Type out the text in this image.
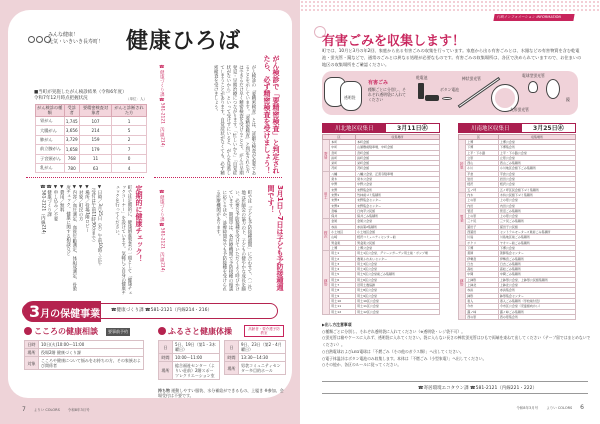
みんな健康！
元気・いきいき長寿町！ 健康ひろば
■当町が実施したがん検診結果（令和6年度）
令和7年12月時点把握状況	（単位：人）
がん検診の種類	受診者	要精密検査対象者	がんと診断された方
胃がん	1,745	107	1
大腸がん	3,656	214	5
肺がん	3,729	159	2
前立腺がん	1,658	179	7
子宮頸がん	768	11	0
乳がん	780	63	4	がん検診で「要精密検査」と判定されたら、必ず精密検査を受けましょう！
がん検診の「要精密検査」とは、詳細な検査が必要であることを示しています。「要精密検査」と判定された方はできるだけ早く精密検査を受けることで、がんの早期発見・早期治療につながります。「忙しいから」「自覚症状がないから」といって受けずにいると、がんを見逃してしまうことがあります。自覚症状がなくても、必ず精密検査を受けましょう。
☎健康づくり課 ☎581-2121（内線214）
定期的に健康チェック！
町では定期的に、健康増進事業の一環として「健康チェックコーナー」を設けています。気軽にご自身の健康チェックを行ってください。
▼日時／3月25日（水）午前10時〜正午
（受付は午前11時30分まで）
▼場所／役場1階ロビー
▼対象／町民の方
▼内容／血圧測定、血管年齢測定、体組成測定、骨密度チェック、健康に関する相談など
▼費用／無料
▼申し込み／不要
☎健康づくり課
☎581-2121（内線214）	3月1日〜7日は子ども予防接種週間です！
町では「子ども予防接種週間」に合わせて、（一社）地元医師会の協力の下、子どもの健やかな成長を願い、必要な予防接種を受けていただくよう呼びかけています。期間中は、各医療機関で予防接種の相談に応じるほか、診療時間外でも予防接種を受けられる医療機関があります。
☎健康づくり課 ☎581-2121（内線214）
3月の保健事業 ☎健康づくり課 ☎581-2121（内線214・216）
こころの健康相談	要事前予約
日時	10日(火)10:00〜11:00
場所	役場2階 健康づくり課
対象	こころや健康について悩みをお持ちの方、その家族および関係者
ふるさと健康体操	高齢者・要介護予防教室
日	5日、19日（第1・3木曜日）
時間	10:00〜11:00
場所	総合福祉センター（よりい荘前）2階スポーツレクリエーション室
日	9日、23日（第2・4月曜日）
時間	13:30〜14:30
場所	男衾コミュニティセンター多目的ホール
持ち物 運動しやすい服装、水分補給ができるもの、上履き ※参加、会場受付は不要です。
7 よりい COLORS 令和8年3月号
行政インフォメーション INFORMATION
有害ごみを収集します！
町では、10月と3月の年2回、家庭から出る有害ごみの収集を行っています。家庭から出る有害ごみとは、水銀などの有害物質を含む乾電池・蛍光管・鏡などで、通常のごみとは異なる処理が必要なものです。有害ごみの収集場所は、各区で決められていますので、お住まいの地区の収集場所をご確認ください。
透明袋
有害ごみ
種類ごとに分別し、それぞれ透明袋に入れてください
乾電池
ボタン電池
棒状蛍光管
丸形蛍光管
電球型蛍光管
鏡
川北地区収集日	3月11日㊌
区		収集場所
寄居	本町	本町会館
	中町	山屋敷前駐車場、中町会館
	宮町	宮町会館
	浜町	浜町会館
	栄町	栄町会館
	茂町	茂町会館
用土	八幡	八幡公会堂、正喜寺駐車場
	常木	常木公会堂
	中野	中野公会堂
	末野	末野集会所
	末野1	竹林前ゴミ集積所
	末野3	末野集会センター
	末野4	末野集会センター
	宮嶋	日向平公民館
	保井	保井ごみ集積所
桜沢	金尾	金尾公会堂
	赤浜	赤浜第2集積所
	小土地区	小土地区会館
	山崎	桜沢コミュニティセンター前
	男衾東	男衾東公民館
	上郷	上郷公会堂
鉢形	用土1	用土1区公会堂、グリーンガーデン用土前・ポンプ場
	用土2	農業ふれあいセンター
	用土3	用土3区公会堂
	用土4	用土4区公会堂
	用土5	用土5区公会堂前ごみ集積所
	用土6	用土6区公会堂
	用土7	旧用土農協跡
	用土8	用土8区公会堂
	用土9	用土9区公会堂
	用土10	用土10区公会堂
	用土11	用土11区公会堂
	用土12	用土12区公会堂
川南地区収集日	3月25日㊌
区		収集場所
折原	上郷	上郷公会堂
	下郷	下郷集会所
	上平・下小路	上平・下小路公会堂
	立原	立原公会堂
	西山	西山ごみ集積所
	小川	小川地区会館下ごみ集積所
	平倉	平倉公会堂
	岩田	岩田公会堂
	桜沢	桜沢公会堂
	五ノ坪	五ノ坪区民会館下ゴミ集積所
男衾	内木	木持公民館下ゴミ集積所
	上の原	上の原公会堂
	内田	内田公会堂
	菅沼	菅沼ごみ集積所
	上の原	上の原公会堂
	三ケ尻	三ケ尻ごみ集積所
	富田子	富田子公民館
	西富田	セントラルモータース東前ごみ集積所
	川島	川島地区前ごみ集積所
	ボクリ	ヤオコー前ごみ集積所
鉢形	下郷	下郷公会堂
	善師	善師集会センター
	伊勢宮	伊勢宮ごみ集積所
	日吉	日吉ごみ集積所
	高松	高松ごみ集積所
	中間	中間ごみ集積所
	上鉢形	上鉢形公会堂、上鉢形公民館集積所
	上鉢北	上鉢北公会堂
	赤浜	赤浜集会所
	鉢形	鉢形集会センター
	寄入	寄入ごみ集積所（学校前付近）
	今市	今市区公会堂（児童館向かい）
	露ノ峠	露ノ峠ごみ集積所
	西の原	西の原集会所
▶出し方注意事項
○種類ごとに分別し、それぞれ透明袋に入れてください（※透明袋・レジ袋不可）。
○蛍光管は箱やケースに入れず、透明袋に入れてください。袋に入らない長さの棒状蛍光管はひもで両端を束ねて出してください（テープ留ではまとめないでください）。
○白熱電球およびLED電球は「不燃ごみ（その他のガラス類）」へ出してください。
○電子体温計はボタン電池のみ収集します。本体は「不燃ごみ（小型家電）」へ出してください。
○その他か、各区のルールに従ってください。
☎寄居環境エコタウン課 ☎581-2121（内線221・222）
令和8年3月号 よりい COLORS 6
